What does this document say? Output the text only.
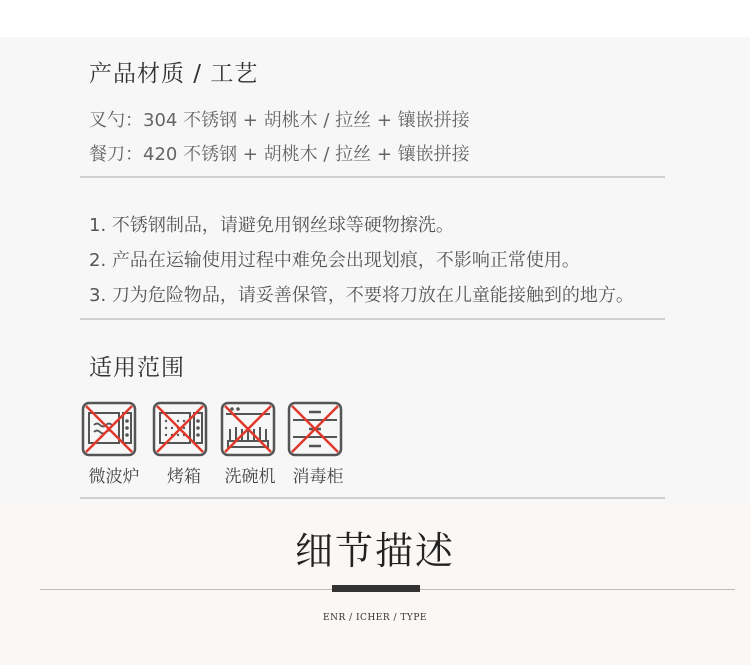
产品材质 / 工艺
叉勺：304 不锈钢 + 胡桃木 / 拉丝 + 镶嵌拼接
餐刀：420 不锈钢 + 胡桃木 / 拉丝 + 镶嵌拼接
1. 不锈钢制品，请避免用钢丝球等硬物擦洗。
2. 产品在运输使用过程中难免会出现划痕，不影响正常使用。
3. 刀为危险物品，请妥善保管，不要将刀放在儿童能接触到的地方。
适用范围
微波炉	烤箱	洗碗机	消毒柜
细节描述
ENR / ICHER / TYPE
